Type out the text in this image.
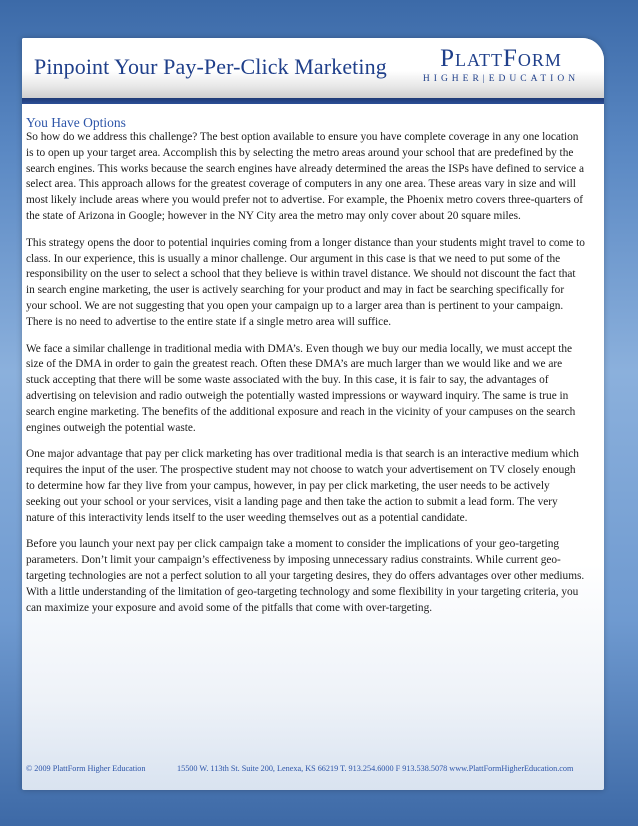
Pinpoint Your Pay-Per-Click Marketing	PlattForm
HIGHER|EDUCATION
You Have Options

So how do we address this challenge? The best option available to ensure you have complete coverage in any one location is to open up your target area. Accomplish this by selecting the metro areas around your school that are predefined by the search engines. This works because the search engines have already determined the areas the ISPs have defined to service a select area. This approach allows for the greatest coverage of computers in any one area. These areas vary in size and will most likely include areas where you would prefer not to advertise. For example, the Phoenix metro covers three-quarters of the state of Arizona in Google; however in the NY City area the metro may only cover about 20 square miles.

This strategy opens the door to potential inquiries coming from a longer distance than your students might travel to come to class. In our experience, this is usually a minor challenge. Our argument in this case is that we need to put some of the responsibility on the user to select a school that they believe is within travel distance. We should not discount the fact that in search engine marketing, the user is actively searching for your product and may in fact be searching specifically for your school. We are not suggesting that you open your campaign up to a larger area than is pertinent to your campaign. There is no need to advertise to the entire state if a single metro area will suffice.

We face a similar challenge in traditional media with DMA’s. Even though we buy our media locally, we must accept the size of the DMA in order to gain the greatest reach. Often these DMA’s are much larger than we would like and we are stuck accepting that there will be some waste associated with the buy. In this case, it is fair to say, the advantages of advertising on television and radio outweigh the potentially wasted impressions or wayward inquiry. The same is true in search engine marketing. The benefits of the additional exposure and reach in the vicinity of your campuses on the search engines outweigh the potential waste.

One major advantage that pay per click marketing has over traditional media is that search is an interactive medium which requires the input of the user. The prospective student may not choose to watch your advertisement on TV closely enough to determine how far they live from your campus, however, in pay per click marketing, the user needs to be actively seeking out your school or your services, visit a landing page and then take the action to submit a lead form. The very nature of this interactivity lends itself to the user weeding themselves out as a potential candidate.

Before you launch your next pay per click campaign take a moment to consider the implications of your geo-targeting parameters. Don’t limit your campaign’s effectiveness by imposing unnecessary radius constraints. While current geo-targeting technologies are not a perfect solution to all your targeting desires, they do offers advantages over other mediums. With a little understanding of the limitation of geo-targeting technology and some flexibility in your targeting criteria, you can maximize your exposure and avoid some of the pitfalls that come with over-targeting.

© 2009 PlattForm Higher Education	15500 W. 113th St. Suite 200, Lenexa, KS 66219 T. 913.254.6000 F 913.538.5078 www.PlattFormHigherEducation.com
